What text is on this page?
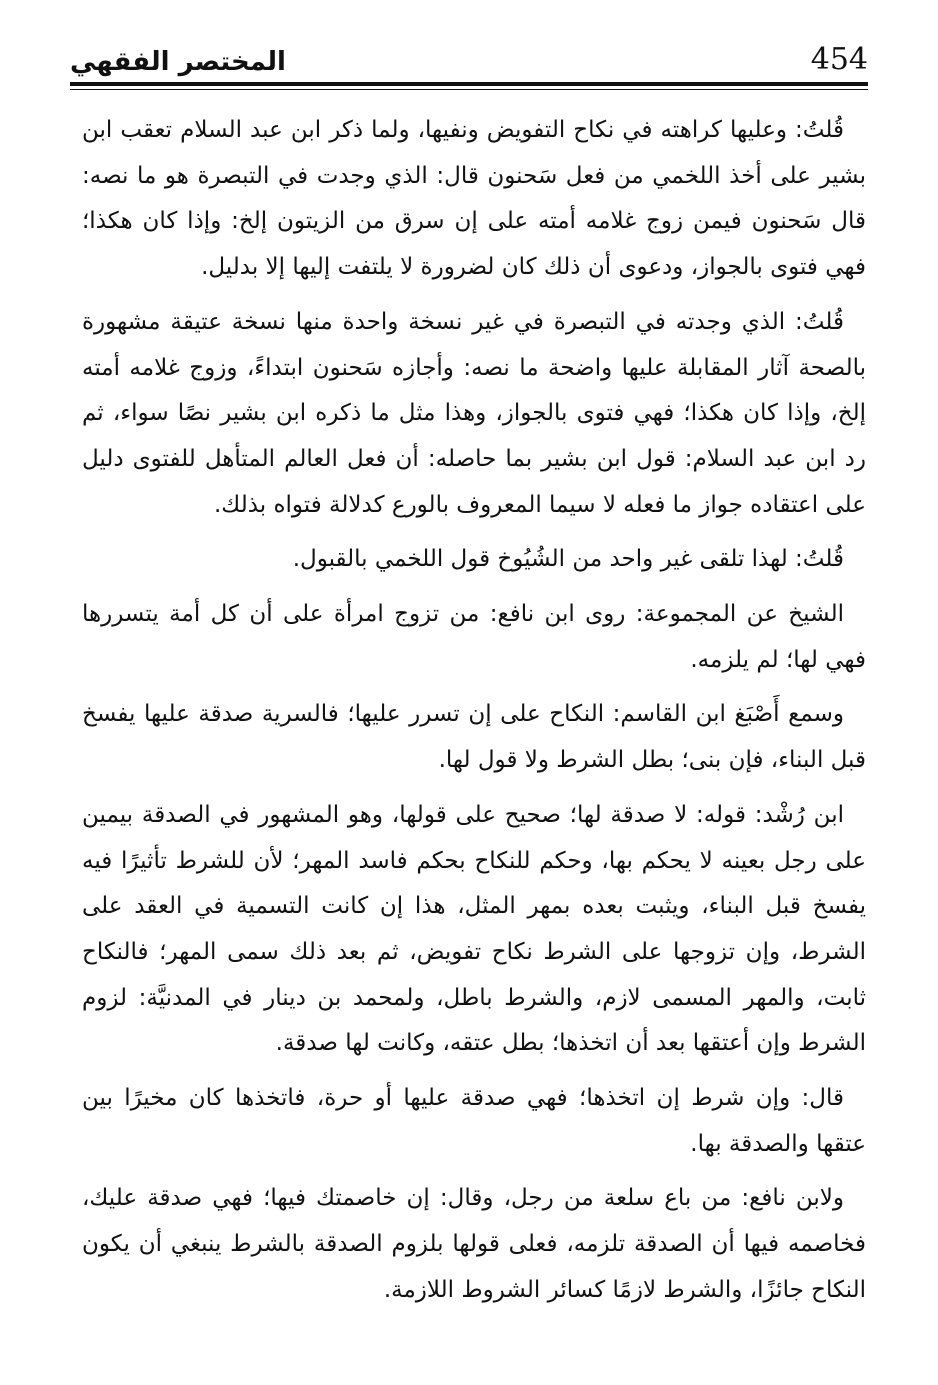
454
المختصر الفقهي

قُلتُ: وعليها كراهته في نكاح التفويض ونفيها، ولما ذكر ابن عبد السلام تعقب ابن بشير على أخذ اللخمي من فعل سَحنون قال: الذي وجدت في التبصرة هو ما نصه: قال سَحنون فيمن زوج غلامه أمته على إن سرق من الزيتون إلخ: وإذا كان هكذا؛ فهي فتوى بالجواز، ودعوى أن ذلك كان لضرورة لا يلتفت إليها إلا بدليل.

قُلتُ: الذي وجدته في التبصرة في غير نسخة واحدة منها نسخة عتيقة مشهورة بالصحة آثار المقابلة عليها واضحة ما نصه: وأجازه سَحنون ابتداءً، وزوج غلامه أمته إلخ، وإذا كان هكذا؛ فهي فتوى بالجواز، وهذا مثل ما ذكره ابن بشير نصًا سواء، ثم رد ابن عبد السلام: قول ابن بشير بما حاصله: أن فعل العالم المتأهل للفتوى دليل على اعتقاده جواز ما فعله لا سيما المعروف بالورع كدلالة فتواه بذلك.

قُلتُ: لهذا تلقى غير واحد من الشُيُوخ قول اللخمي بالقبول.

الشيخ عن المجموعة: روى ابن نافع: من تزوج امرأة على أن كل أمة يتسررها فهي لها؛ لم يلزمه.

وسمع أَصْبَغ ابن القاسم: النكاح على إن تسرر عليها؛ فالسرية صدقة عليها يفسخ قبل البناء، فإن بنى؛ بطل الشرط ولا قول لها.

ابن رُشْد: قوله: لا صدقة لها؛ صحيح على قولها، وهو المشهور في الصدقة بيمين على رجل بعينه لا يحكم بها، وحكم للنكاح بحكم فاسد المهر؛ لأن للشرط تأثيرًا فيه يفسخ قبل البناء، ويثبت بعده بمهر المثل، هذا إن كانت التسمية في العقد على الشرط، وإن تزوجها على الشرط نكاح تفويض، ثم بعد ذلك سمى المهر؛ فالنكاح ثابت، والمهر المسمى لازم، والشرط باطل، ولمحمد بن دينار في المدنيَّة: لزوم الشرط وإن أعتقها بعد أن اتخذها؛ بطل عتقه، وكانت لها صدقة.

قال: وإن شرط إن اتخذها؛ فهي صدقة عليها أو حرة، فاتخذها كان مخيرًا بين عتقها والصدقة بها.

ولابن نافع: من باع سلعة من رجل، وقال: إن خاصمتك فيها؛ فهي صدقة عليك، فخاصمه فيها أن الصدقة تلزمه، فعلى قولها بلزوم الصدقة بالشرط ينبغي أن يكون النكاح جائزًا، والشرط لازمًا كسائر الشروط اللازمة.
